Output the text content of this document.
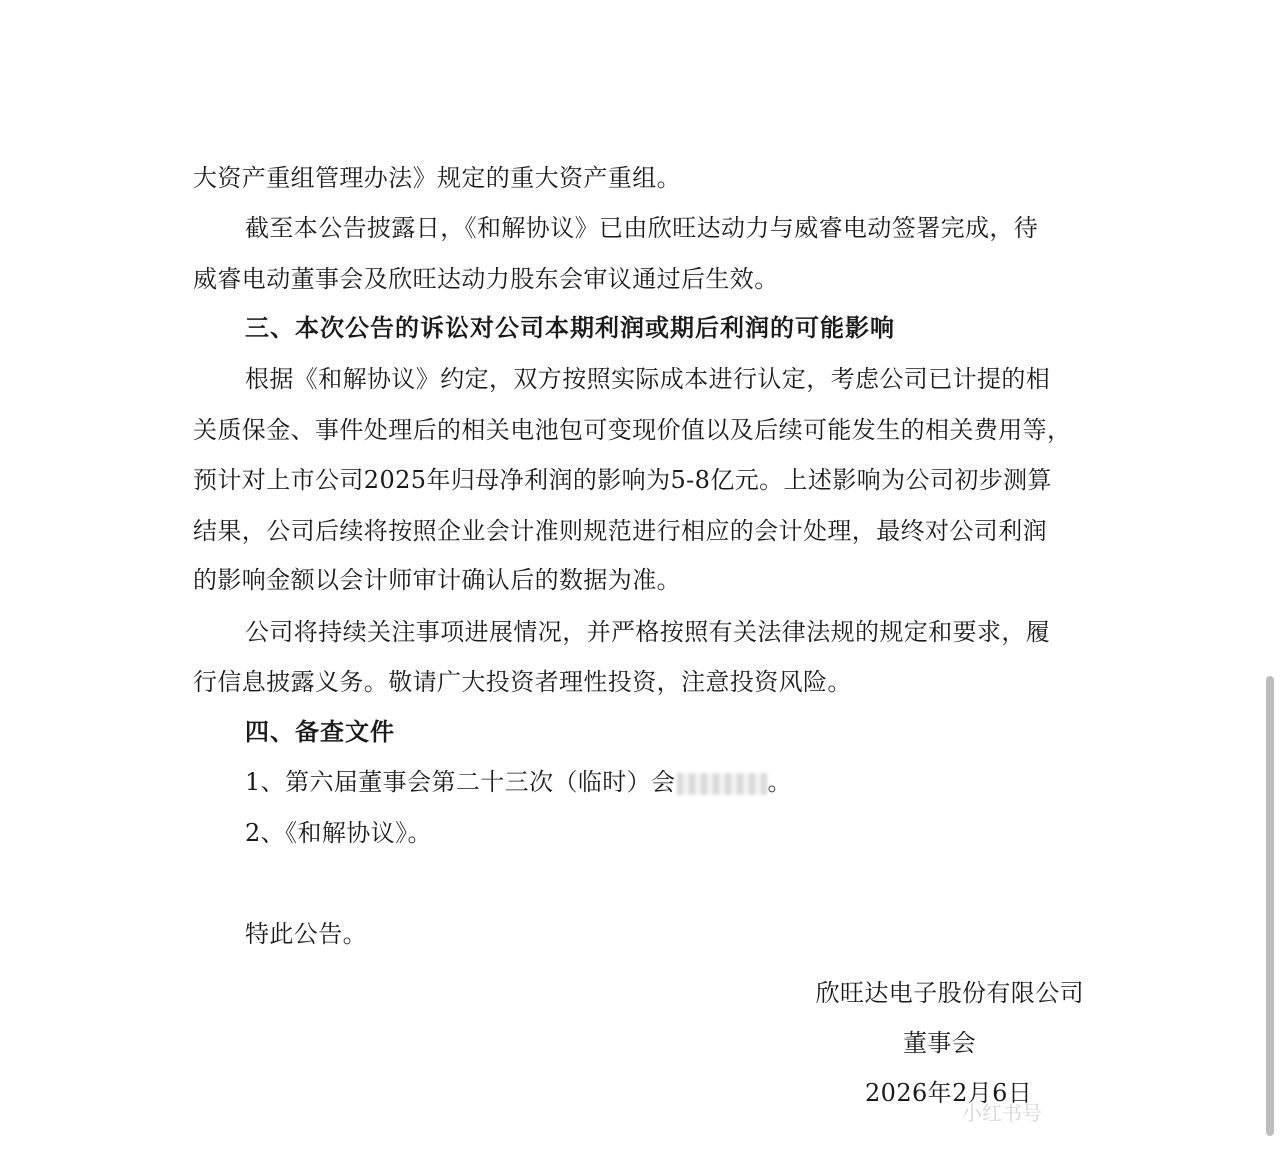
大资产重组管理办法》规定的重大资产重组。
截至本公告披露日，《和解协议》已由欣旺达动力与威睿电动签署完成，待
威睿电动董事会及欣旺达动力股东会审议通过后生效。
三、本次公告的诉讼对公司本期利润或期后利润的可能影响
根据《和解协议》约定，双方按照实际成本进行认定，考虑公司已计提的相
关质保金、事件处理后的相关电池包可变现价值以及后续可能发生的相关费用等，
预计对上市公司2025年归母净利润的影响为5-8亿元。上述影响为公司初步测算
结果，公司后续将按照企业会计准则规范进行相应的会计处理，最终对公司利润
的影响金额以会计师审计确认后的数据为准。
公司将持续关注事项进展情况，并严格按照有关法律法规的规定和要求，履
行信息披露义务。敬请广大投资者理性投资，注意投资风险。
四、备查文件
1、第六届董事会第二十三次（临时）会	。
2、《和解协议》。
特此公告。
欣旺达电子股份有限公司
董事会
2026年2月6日
小红书号
